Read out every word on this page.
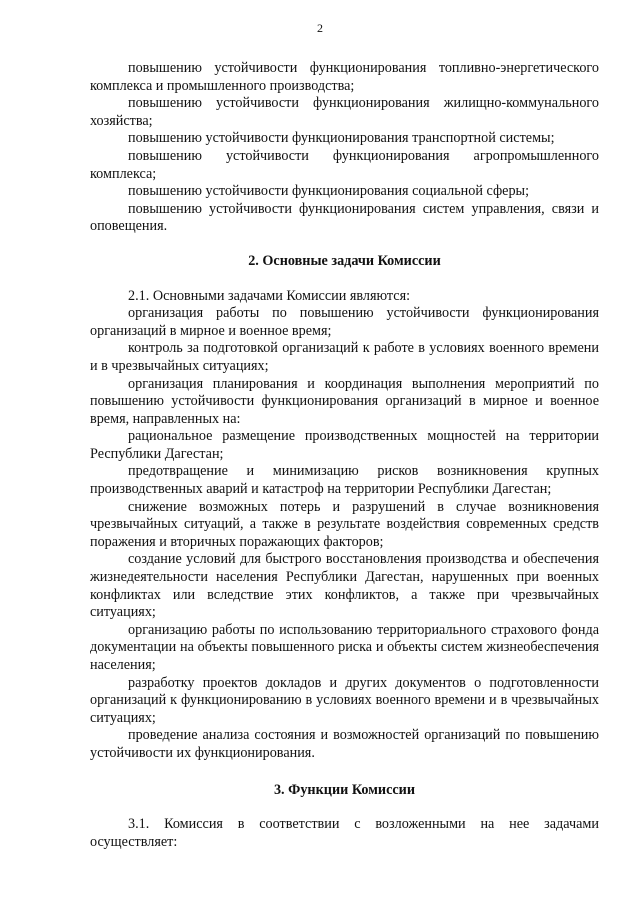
2

повышению устойчивости функционирования топливно-энергетического комплекса и промышленного производства;

повышению устойчивости функционирования жилищно-коммунального хозяйства;

повышению устойчивости функционирования транспортной системы;

повышению устойчивости функционирования агропромышленного комплекса;

повышению устойчивости функционирования социальной сферы;

повышению устойчивости функционирования систем управления, связи и оповещения.

2. Основные задачи Комиссии

2.1. Основными задачами Комиссии являются:

организация работы по повышению устойчивости функционирования организаций в мирное и военное время;

контроль за подготовкой организаций к работе в условиях военного времени и в чрезвычайных ситуациях;

организация планирования и координация выполнения мероприятий по повышению устойчивости функционирования организаций в мирное и военное время, направленных на:

рациональное размещение производственных мощностей на территории Республики Дагестан;

предотвращение и минимизацию рисков возникновения крупных производственных аварий и катастроф на территории Республики Дагестан;

снижение возможных потерь и разрушений в случае возникновения чрезвычайных ситуаций, а также в результате воздействия современных средств поражения и вторичных поражающих факторов;

создание условий для быстрого восстановления производства и обеспечения жизнедеятельности населения Республики Дагестан, нарушенных при военных конфликтах или вследствие этих конфликтов, а также при чрезвычайных ситуациях;

организацию работы по использованию территориального страхового фонда документации на объекты повышенного риска и объекты систем жизнеобеспечения населения;

разработку проектов докладов и других документов о подготовленности организаций к функционированию в условиях военного времени и в чрезвычайных ситуациях;

проведение анализа состояния и возможностей организаций по повышению устойчивости их функционирования.

3. Функции Комиссии

3.1. Комиссия в соответствии с возложенными на нее задачами осуществляет:
